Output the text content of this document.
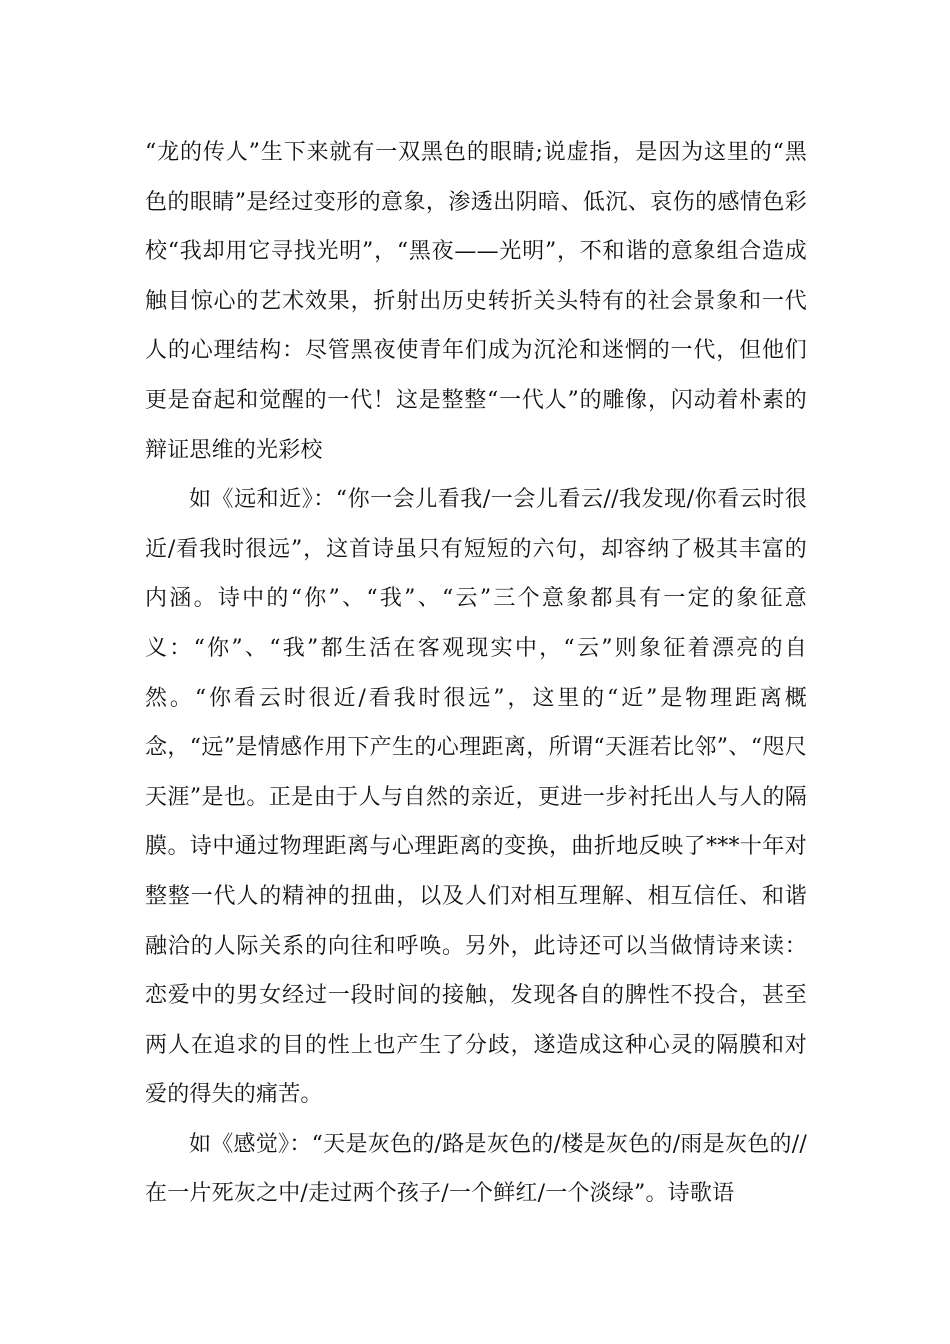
“龙的传人”生下来就有一双黑色的眼睛;说虚指，是因为这里的“黑色的眼睛”是经过变形的意象，渗透出阴暗、低沉、哀伤的感情色彩校“我却用它寻找光明”，“黑夜——光明”，不和谐的意象组合造成触目惊心的艺术效果，折射出历史转折关头特有的社会景象和一代人的心理结构：尽管黑夜使青年们成为沉沦和迷惘的一代，但他们更是奋起和觉醒的一代！这是整整“一代人”的雕像，闪动着朴素的辩证思维的光彩校

如《远和近》：“你一会儿看我/一会儿看云//我发现/你看云时很近/看我时很远”，这首诗虽只有短短的六句，却容纳了极其丰富的内涵。诗中的“你”、“我”、“云”三个意象都具有一定的象征意义：“你”、“我”都生活在客观现实中，“云”则象征着漂亮的自然。“你看云时很近/看我时很远”，这里的“近”是物理距离概念，“远”是情感作用下产生的心理距离，所谓“天涯若比邻”、“咫尺天涯”是也。正是由于人与自然的亲近，更进一步衬托出人与人的隔膜。诗中通过物理距离与心理距离的变换，曲折地反映了***十年对整整一代人的精神的扭曲，以及人们对相互理解、相互信任、和谐融洽的人际关系的向往和呼唤。另外，此诗还可以当做情诗来读：恋爱中的男女经过一段时间的接触，发现各自的脾性不投合，甚至两人在追求的目的性上也产生了分歧，遂造成这种心灵的隔膜和对爱的得失的痛苦。

如《感觉》：“天是灰色的/路是灰色的/楼是灰色的/雨是灰色的//在一片死灰之中/走过两个孩子/一个鲜红/一个淡绿”。诗歌语
